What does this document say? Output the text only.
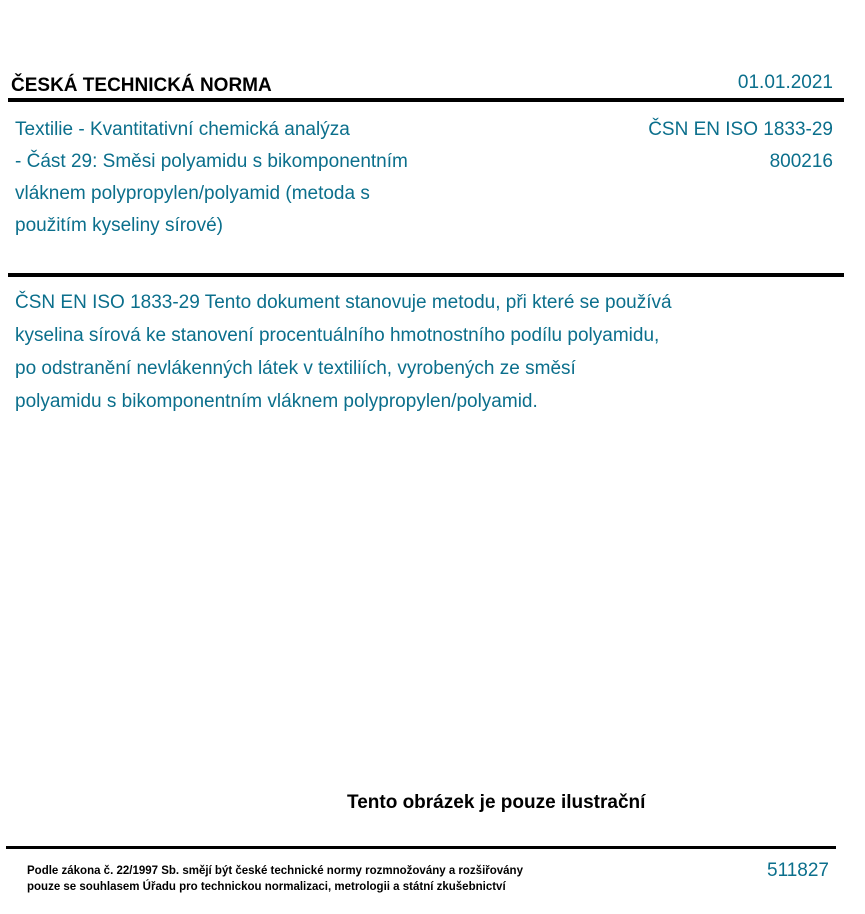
ČESKÁ TECHNICKÁ NORMA	01.01.2021
Textilie - Kvantitativní chemická analýza
- Část 29: Směsi polyamidu s bikomponentním
vláknem polypropylen/polyamid (metoda s
použitím kyseliny sírové)
ČSN EN ISO 1833-29
800216
ČSN EN ISO 1833-29 Tento dokument stanovuje metodu, při které se používá
kyselina sírová ke stanovení procentuálního hmotnostního podílu polyamidu,
po odstranění nevlákenných látek v textiliích, vyrobených ze směsí
polyamidu s bikomponentním vláknem polypropylen/polyamid.
Tento obrázek je pouze ilustrační
Podle zákona č. 22/1997 Sb. smějí být české technické normy rozmnožovány a rozšiřovány
pouze se souhlasem Úřadu pro technickou normalizaci, metrologii a státní zkušebnictví
511827
